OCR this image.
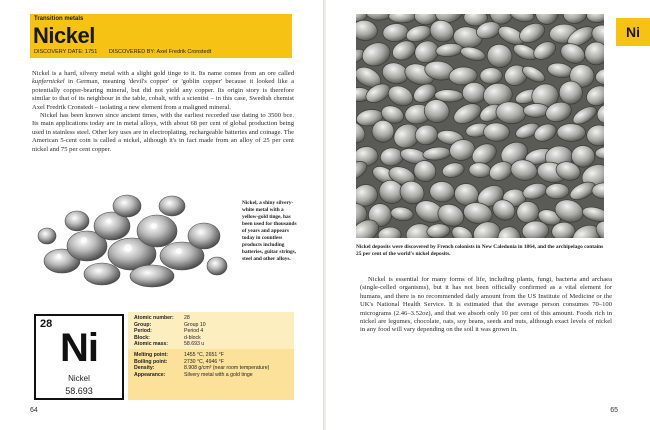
Transition metals
Nickel
DISCOVERY DATE: 1751 DISCOVERED BY: Axel Fredrik Cronstedt

Nickel is a hard, silvery metal with a slight gold tinge to it. Its name comes from an ore called kupfernickel in German, meaning 'devil's copper' or 'goblin copper' because it looked like a potentially copper-bearing mineral, but did not yield any copper. Its origin story is therefore similar to that of its neighbour in the table, cobalt, with a scientist – in this case, Swedish chemist Axel Fredrik Cronstedt – isolating a new element from a maligned mineral.

Nickel has been known since ancient times, with the earliest recorded use dating to 3500 bce. Its main applications today are in metal alloys, with about 68 per cent of global production being used in stainless steel. Other key uses are in electroplating, rechargeable batteries and coinage. The American 5-cent coin is called a nickel, although it's in fact made from an alloy of 25 per cent nickel and 75 per cent copper.

Nickel, a shiny silvery-white metal with a yellow-gold tinge, has been used for thousands of years and appears today in countless products including batteries, guitar strings, steel and other alloys.
28
Ni
Nickel
58.693
Atomic number: 28
Group:	Group 10
Period:	Period 4
Block:	d-block
Atomic mass:	58.693 u
Melting point:	1455 °C, 2651 °F
Boiling point:	2730 °C, 4946 °F
Density:	8.908 g/cm³ (near room temperature)
Appearance:	Silvery metal with a gold tinge
64
Ni
Nickel deposits were discovered by French colonists in New Caledonia in 1864, and the archipelago contains 25 per cent of the world's nickel deposits.
Nickel is essential for many forms of life, including plants, fungi, bacteria and archaea (single-celled organisms), but it has not been officially confirmed as a vital element for humans, and there is no recommended daily amount from the US Institute of Medicine or the UK's National Health Service. It is estimated that the average person consumes 70–100 micrograms (2.46–3.52oz), and that we absorb only 10 per cent of this amount. Foods rich in nickel are legumes, chocolate, oats, soy beans, seeds and nuts, although exact levels of nickel in any food will vary depending on the soil it was grown in.
65
